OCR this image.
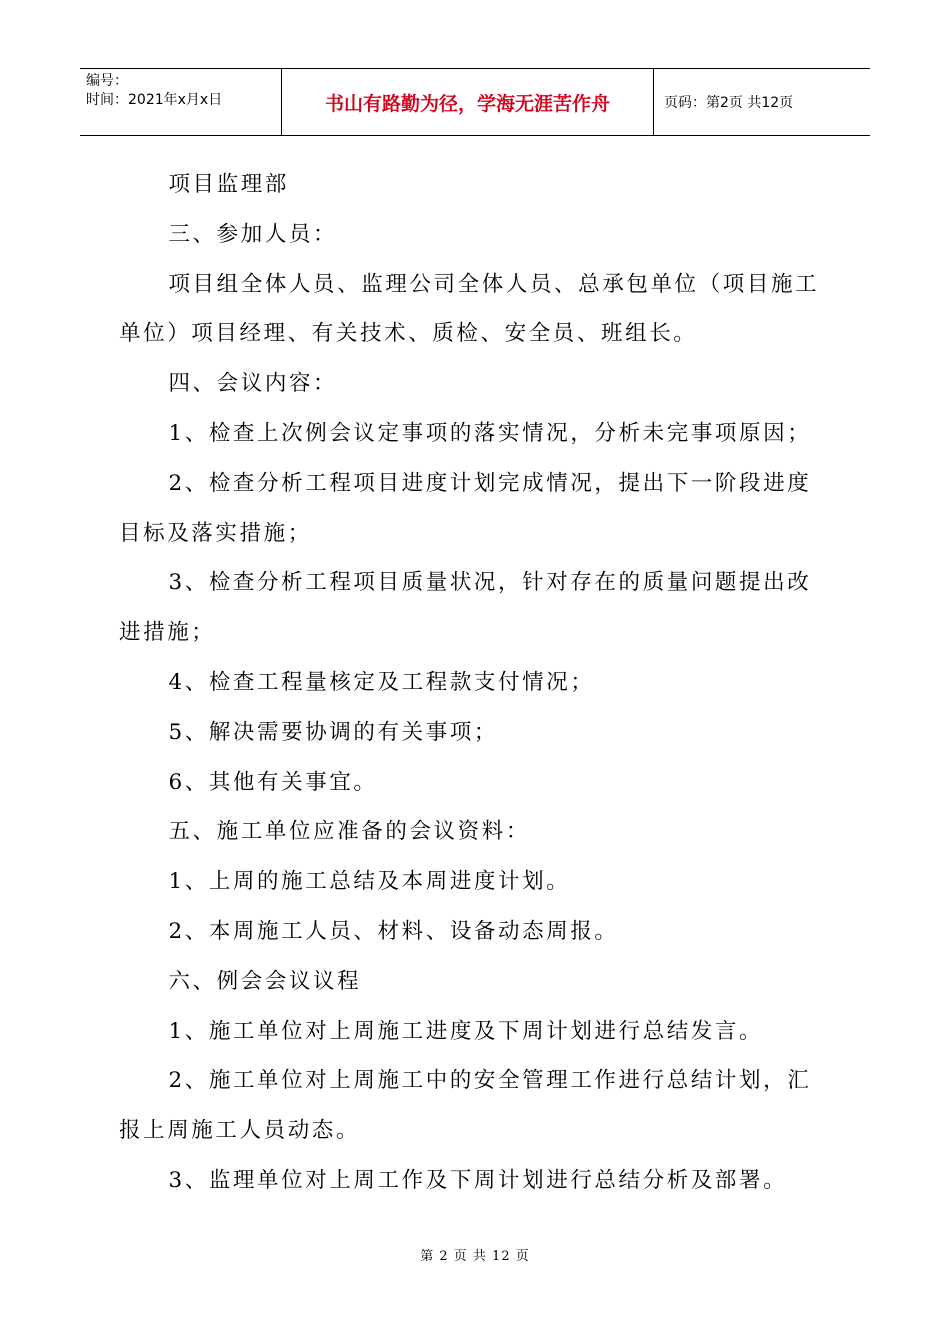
编号：
时间：2021年x月x日	书山有路勤为径，学海无涯苦作舟	页码：第2页 共12页

项目监理部

三、参加人员：

项目组全体人员、监理公司全体人员、总承包单位（项目施工单位）项目经理、有关技术、质检、安全员、班组长。

四、会议内容：

1、检查上次例会议定事项的落实情况，分析未完事项原因；

2、检查分析工程项目进度计划完成情况，提出下一阶段进度目标及落实措施；

3、检查分析工程项目质量状况，针对存在的质量问题提出改进措施；

4、检查工程量核定及工程款支付情况；

5、解决需要协调的有关事项；

6、其他有关事宜。

五、施工单位应准备的会议资料：

1、上周的施工总结及本周进度计划。

2、本周施工人员、材料、设备动态周报。

六、例会会议议程

1、施工单位对上周施工进度及下周计划进行总结发言。

2、施工单位对上周施工中的安全管理工作进行总结计划，汇报上周施工人员动态。

3、监理单位对上周工作及下周计划进行总结分析及部署。

第 2 页 共 12 页
